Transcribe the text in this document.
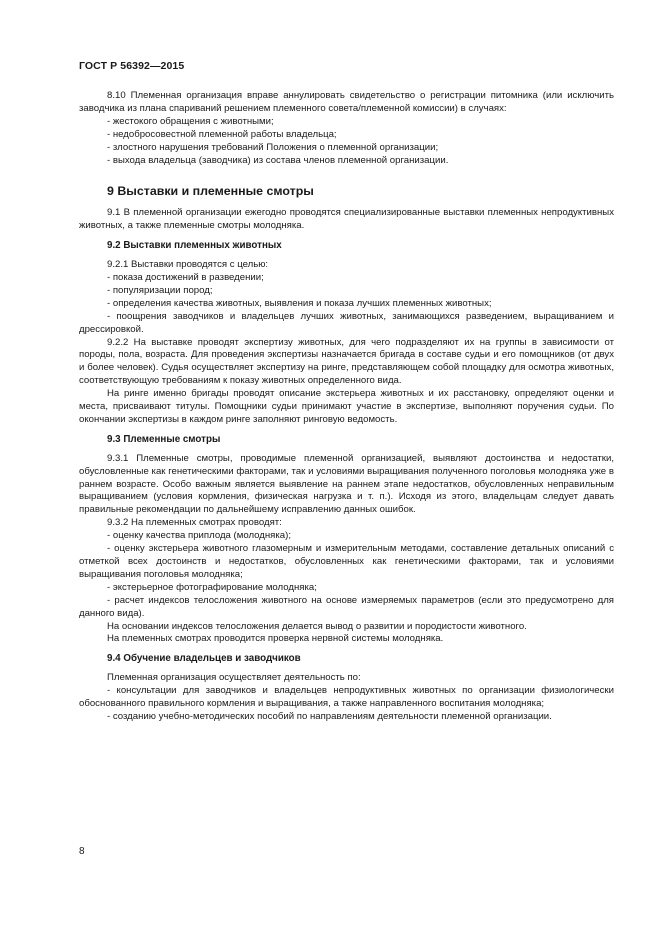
ГОСТ Р 56392—2015

8.10 Племенная организация вправе аннулировать свидетельство о регистрации питомника (или исключить заводчика из плана спариваний решением племенного совета/племенной комиссии) в случаях:

- жестокого обращения с животными;

- недобросовестной племенной работы владельца;

- злостного нарушения требований Положения о племенной организации;

- выхода владельца (заводчика) из состава членов племенной организации.

9 Выставки и племенные смотры

9.1 В племенной организации ежегодно проводятся специализированные выставки племенных непродуктивных животных, а также племенные смотры молодняка.

9.2 Выставки племенных животных

9.2.1 Выставки проводятся с целью:

- показа достижений в разведении;

- популяризации пород;

- определения качества животных, выявления и показа лучших племенных животных;

- поощрения заводчиков и владельцев лучших животных, занимающихся разведением, выращиванием и дрессировкой.

9.2.2 На выставке проводят экспертизу животных, для чего подразделяют их на группы в зависимости от породы, пола, возраста. Для проведения экспертизы назначается бригада в составе судьи и его помощников (от двух и более человек). Судья осуществляет экспертизу на ринге, представляющем собой площадку для осмотра животных, соответствующую требованиям к показу животных определенного вида.

На ринге именно бригады проводят описание экстерьера животных и их расстановку, определяют оценки и места, присваивают титулы. Помощники судьи принимают участие в экспертизе, выполняют поручения судьи. По окончании экспертизы в каждом ринге заполняют ринговую ведомость.

9.3 Племенные смотры

9.3.1 Племенные смотры, проводимые племенной организацией, выявляют достоинства и недостатки, обусловленные как генетическими факторами, так и условиями выращивания полученного поголовья молодняка уже в раннем возрасте. Особо важным является выявление на раннем этапе недостатков, обусловленных неправильным выращиванием (условия кормления, физическая нагрузка и т. п.). Исходя из этого, владельцам следует давать правильные рекомендации по дальнейшему исправлению данных ошибок.

9.3.2 На племенных смотрах проводят:

- оценку качества приплода (молодняка);

- оценку экстерьера животного глазомерным и измерительным методами, составление детальных описаний с отметкой всех достоинств и недостатков, обусловленных как генетическими факторами, так и условиями выращивания поголовья молодняка;

- экстерьерное фотографирование молодняка;

- расчет индексов телосложения животного на основе измеряемых параметров (если это предусмотрено для данного вида).

На основании индексов телосложения делается вывод о развитии и породистости животного.

На племенных смотрах проводится проверка нервной системы молодняка.

9.4 Обучение владельцев и заводчиков

Племенная организация осуществляет деятельность по:

- консультации для заводчиков и владельцев непродуктивных животных по организации физиологически обоснованного правильного кормления и выращивания, а также направленного воспитания молодняка;

- созданию учебно-методических пособий по направлениям деятельности племенной организации.

8
